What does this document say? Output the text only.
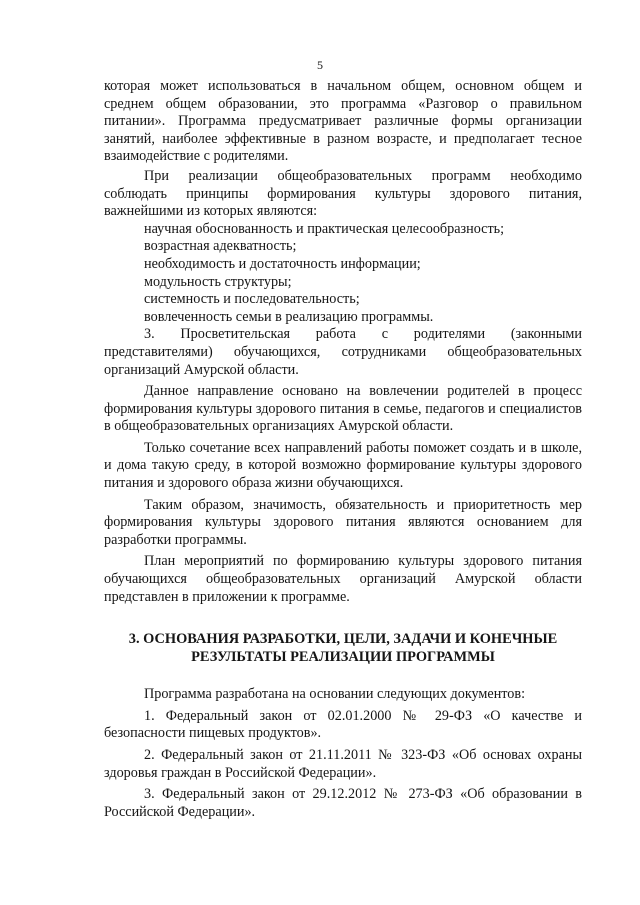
5

которая может использоваться в начальном общем, основном общем и среднем общем образовании, это программа «Разговор о правильном питании». Программа предусматривает различные формы организации занятий, наиболее эффективные в разном возрасте, и предполагает тесное взаимодействие с родителями.

При реализации общеобразовательных программ необходимо соблюдать принципы формирования культуры здорового питания, важнейшими из которых являются:

научная обоснованность и практическая целесообразность;

возрастная адекватность;

необходимость и достаточность информации;

модульность структуры;

системность и последовательность;

вовлеченность семьи в реализацию программы.

3. Просветительская работа с родителями (законными представителями) обучающихся, сотрудниками общеобразовательных организаций Амурской области.

Данное направление основано на вовлечении родителей в процесс формирования культуры здорового питания в семье, педагогов и специалистов в общеобразовательных организациях Амурской области.

Только сочетание всех направлений работы поможет создать и в школе, и дома такую среду, в которой возможно формирование культуры здорового питания и здорового образа жизни обучающихся.

Таким образом, значимость, обязательность и приоритетность мер формирования культуры здорового питания являются основанием для разработки программы.

План мероприятий по формированию культуры здорового питания обучающихся общеобразовательных организаций Амурской области представлен в приложении к программе.

3. ОСНОВАНИЯ РАЗРАБОТКИ, ЦЕЛИ, ЗАДАЧИ И КОНЕЧНЫЕ
РЕЗУЛЬТАТЫ РЕАЛИЗАЦИИ ПРОГРАММЫ

Программа разработана на основании следующих документов:

1. Федеральный закон от 02.01.2000 № 29-ФЗ «О качестве и безопасности пищевых продуктов».

2. Федеральный закон от 21.11.2011 № 323-ФЗ «Об основах охраны здоровья граждан в Российской Федерации».

3. Федеральный закон от 29.12.2012 № 273-ФЗ «Об образовании в Российской Федерации».
